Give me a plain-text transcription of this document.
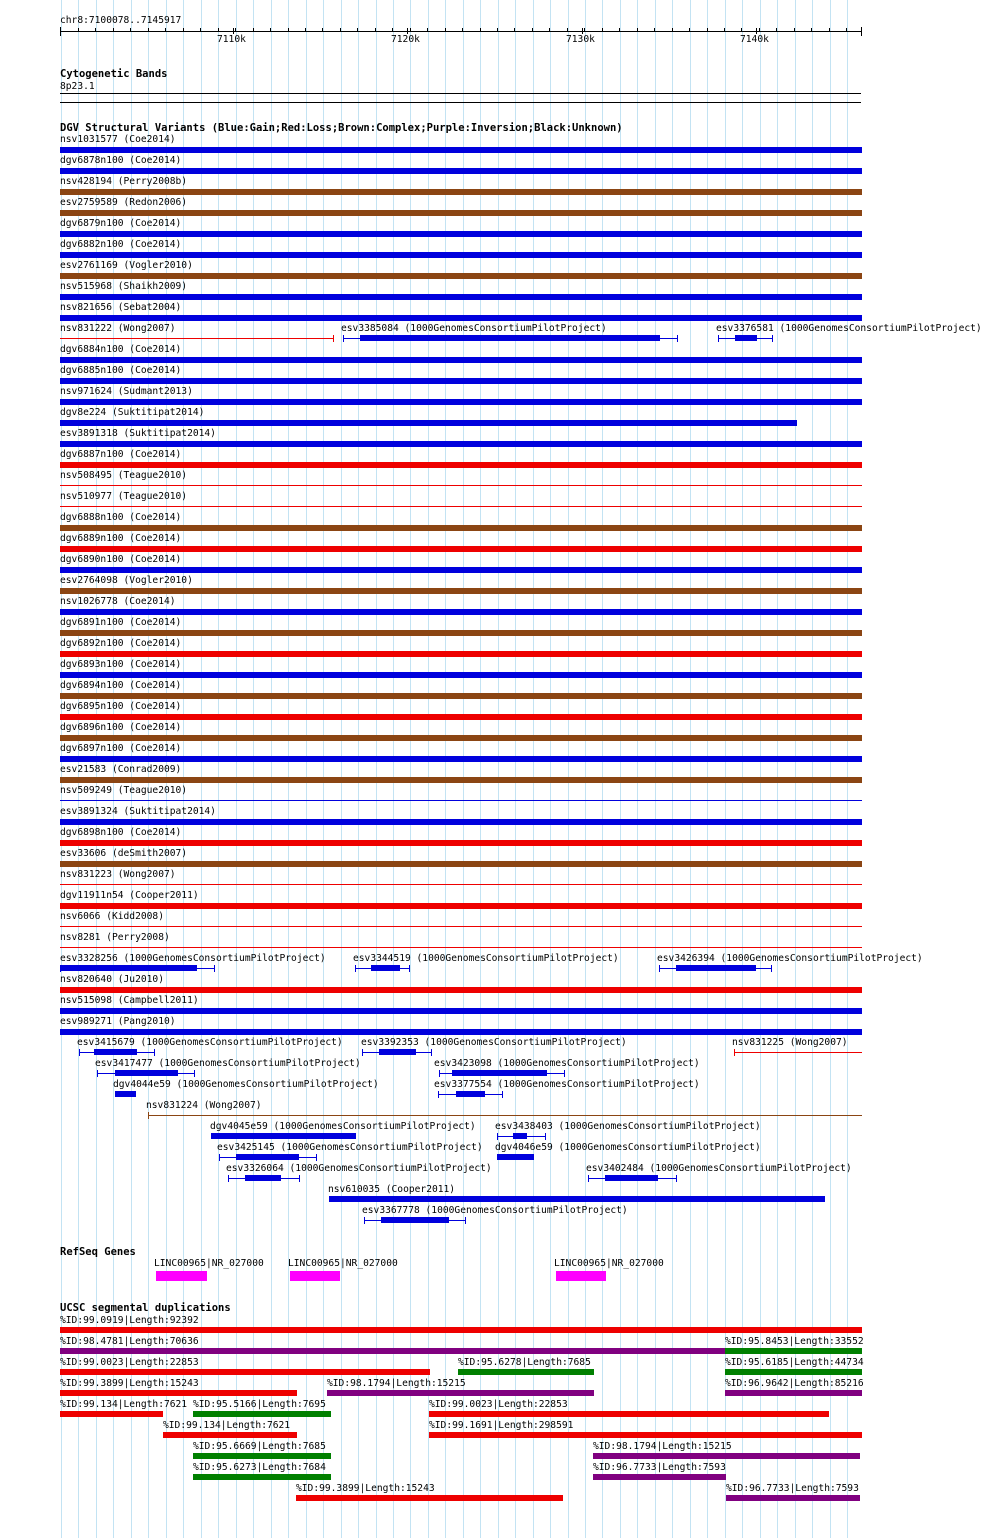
chr8:7100078..7145917
7110k	7120k	7130k	7140k
Cytogenetic Bands
8p23.1
DGV Structural Variants (Blue:Gain;Red:Loss;Brown:Complex;Purple:Inversion;Black:Unknown)
nsv1031577 (Coe2014)
dgv6878n100 (Coe2014)
nsv428194 (Perry2008b)
esv2759589 (Redon2006)
dgv6879n100 (Coe2014)
dgv6882n100 (Coe2014)
esv2761169 (Vogler2010)
nsv515968 (Shaikh2009)
nsv821656 (Sebat2004)
dgv6884n100 (Coe2014)
dgv6885n100 (Coe2014)
nsv971624 (Sudmant2013)
dgv8e224 (Suktitipat2014)
esv3891318 (Suktitipat2014)
dgv6887n100 (Coe2014)
nsv508495 (Teague2010)
nsv510977 (Teague2010)
dgv6888n100 (Coe2014)
dgv6889n100 (Coe2014)
dgv6890n100 (Coe2014)
esv2764098 (Vogler2010)
nsv1026778 (Coe2014)
dgv6891n100 (Coe2014)
dgv6892n100 (Coe2014)
dgv6893n100 (Coe2014)
dgv6894n100 (Coe2014)
dgv6895n100 (Coe2014)
dgv6896n100 (Coe2014)
dgv6897n100 (Coe2014)
esv21583 (Conrad2009)
nsv509249 (Teague2010)
esv3891324 (Suktitipat2014)
dgv6898n100 (Coe2014)
esv33606 (deSmith2007)
nsv831223 (Wong2007)
dgv11911n54 (Cooper2011)
nsv6066 (Kidd2008)
nsv8281 (Perry2008)
nsv820640 (Ju2010)
nsv515098 (Campbell2011)
esv989271 (Pang2010)
nsv831222 (Wong2007)	esv3385084 (1000GenomesConsortiumPilotProject)	esv3376581 (1000GenomesConsortiumPilotProject)
esv3328256 (1000GenomesConsortiumPilotProject)	esv3344519 (1000GenomesConsortiumPilotProject)	esv3426394 (1000GenomesConsortiumPilotProject)
esv3415679 (1000GenomesConsortiumPilotProject) esv3392353 (1000GenomesConsortiumPilotProject)
esv3417477 (1000GenomesConsortiumPilotProject)	esv3423098 (1000GenomesConsortiumPilotProject)
dgv4044e59 (1000GenomesConsortiumPilotProject)	esv3377554 (1000GenomesConsortiumPilotProject)
dgv4045e59 (1000GenomesConsortiumPilotProject) esv3438403 (1000GenomesConsortiumPilotProject)
esv3425145 (1000GenomesConsortiumPilotProject) dgv4046e59 (1000GenomesConsortiumPilotProject)
esv3326064 (1000GenomesConsortiumPilotProject)	esv3402484 (1000GenomesConsortiumPilotProject)
esv3367778 (1000GenomesConsortiumPilotProject)
nsv831225 (Wong2007)
nsv831224 (Wong2007)
nsv610035 (Cooper2011)
RefSeq Genes
LINC00965|NR_027000	LINC00965|NR_027000	LINC00965|NR_027000
UCSC segmental duplications
%ID:99.0919|Length:92392
%ID:98.4781|Length:70636	%ID:95.8453|Length:33552
%ID:99.0023|Length:22853	%ID:95.6278|Length:7685	%ID:95.6185|Length:44734
%ID:99.3899|Length:15243	%ID:98.1794|Length:15215	%ID:96.9642|Length:85216
%ID:99.134|Length:7621 %ID:95.5166|Length:7695	%ID:99.0023|Length:22853
%ID:99.134|Length:7621	%ID:99.1691|Length:298591
%ID:95.6669|Length:7685	%ID:98.1794|Length:15215
%ID:95.6273|Length:7684	%ID:96.7733|Length:7593
%ID:99.3899|Length:15243	%ID:96.7733|Length:7593
